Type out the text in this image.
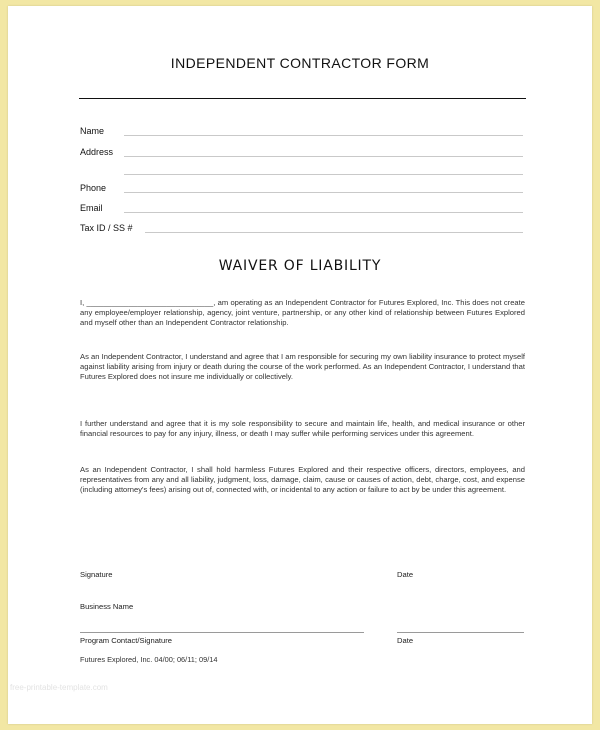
INDEPENDENT CONTRACTOR FORM
Name
Address
Phone
Email
Tax ID / SS #
WAIVER OF LIABILITY

I, ______________________________, am operating as an Independent Contractor for Futures Explored, Inc. This does not create any employee/employer relationship, agency, joint venture, partnership, or any other kind of relationship between Futures Explored and myself other than an Independent Contractor relationship.

As an Independent Contractor, I understand and agree that I am responsible for securing my own liability insurance to protect myself against liability arising from injury or death during the course of the work performed. As an Independent Contractor, I understand that Futures Explored does not insure me individually or collectively.

I further understand and agree that it is my sole responsibility to secure and maintain life, health, and medical insurance or other financial resources to pay for any injury, illness, or death I may suffer while performing services under this agreement.

As an Independent Contractor, I shall hold harmless Futures Explored and their respective officers, directors, employees, and representatives from any and all liability, judgment, loss, damage, claim, cause or causes of action, debt, charge, cost, and expense (including attorney's fees) arising out of, connected with, or incidental to any action or failure to act by be under this agreement.

Signature	Date
Business Name
Program Contact/Signature	Date
Futures Explored, Inc. 04/00; 06/11; 09/14
free-printable-template.com
